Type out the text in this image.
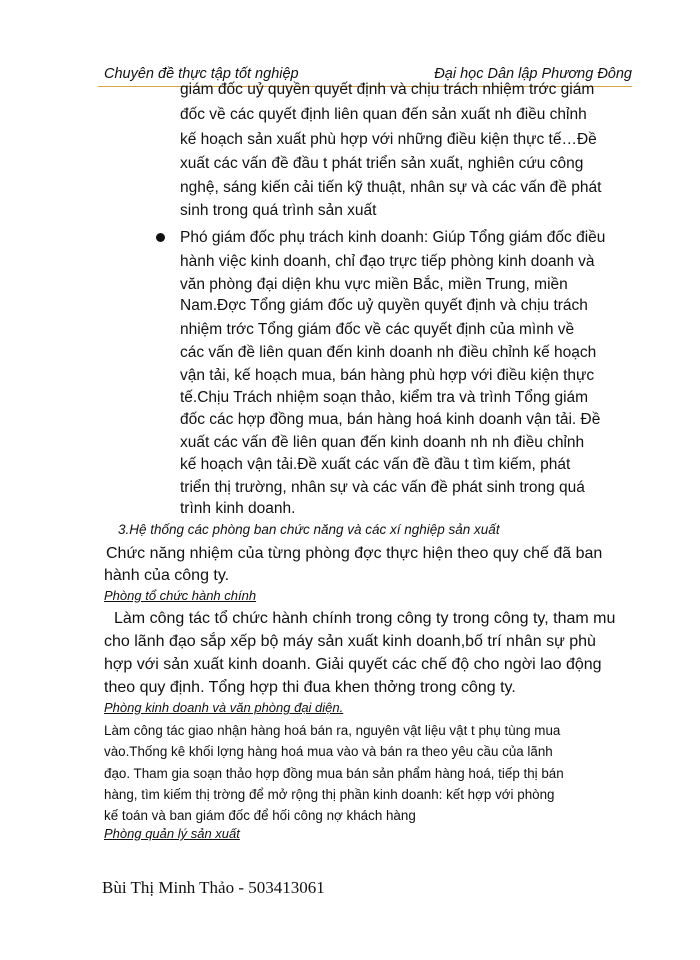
Chuyên đề thực tập tốt nghiệp	Đại học Dân lập Phương Đông
giám đốc uỷ quyền quyết định và chịu trách nhiệm trớc giám
đốc về các quyết định liên quan đến sản xuất nh điều chỉnh
kế hoạch sản xuất phù hợp với những điều kiện thực tế…Đề
xuất các vấn đề đầu t phát triển sản xuất, nghiên cứu công
nghệ, sáng kiến cải tiến kỹ thuật, nhân sự và các vấn đề phát
sinh trong quá trình sản xuất
Phó giám đốc phụ trách kinh doanh: Giúp Tổng giám đốc điều
hành việc kinh doanh, chỉ đạo trực tiếp phòng kinh doanh và
văn phòng đại diện khu vực miền Bắc, miền Trung, miền
Nam.Đợc Tổng giám đốc uỷ quyền quyết định và chịu trách
nhiệm trớc Tổng giám đốc về các quyết định của mình về
các vấn đề liên quan đến kinh doanh nh điều chỉnh kế hoạch
vận tải, kế hoạch mua, bán hàng phù hợp với điều kiện thực
tế.Chịu Trách nhiệm soạn thảo, kiểm tra và trình Tổng giám
đốc các hợp đồng mua, bán hàng hoá kinh doanh vận tải. Đề
xuất các vấn đề liên quan đến kinh doanh nh nh điều chỉnh
kế hoạch vận tải.Đề xuất các vấn đề đầu t tìm kiếm, phát
triển thị trường, nhân sự và các vấn đề phát sinh trong quá
trình kinh doanh.
3.Hệ thống các phòng ban chức năng và các xí nghiệp sản xuất
Chức năng nhiệm của từng phòng đợc thực hiện theo quy chế đã ban
hành của công ty.
Phòng tổ chức hành chính
Làm công tác tổ chức hành chính trong công ty trong công ty, tham mu
cho lãnh đạo sắp xếp bộ máy sản xuất kinh doanh,bố trí nhân sự phù
hợp với sản xuất kinh doanh. Giải quyết các chế độ cho ngời lao động
theo quy định. Tổng hợp thi đua khen thởng trong công ty.
Phòng kinh doanh và văn phòng đại diện.
Làm công tác giao nhận hàng hoá bán ra, nguyên vật liệu vật t phụ tùng mua
vào.Thống kê khối lợng hàng hoá mua vào và bán ra theo yêu cầu của lãnh
đạo. Tham gia soạn thảo hợp đồng mua bán sản phẩm hàng hoá, tiếp thị bán
hàng, tìm kiếm thị trờng để mở rộng thị phần kinh doanh: kết hợp với phòng
kế toán và ban giám đốc để hối công nợ khách hàng
Phòng quản lý sản xuất
Bùi Thị Minh Thảo - 503413061
